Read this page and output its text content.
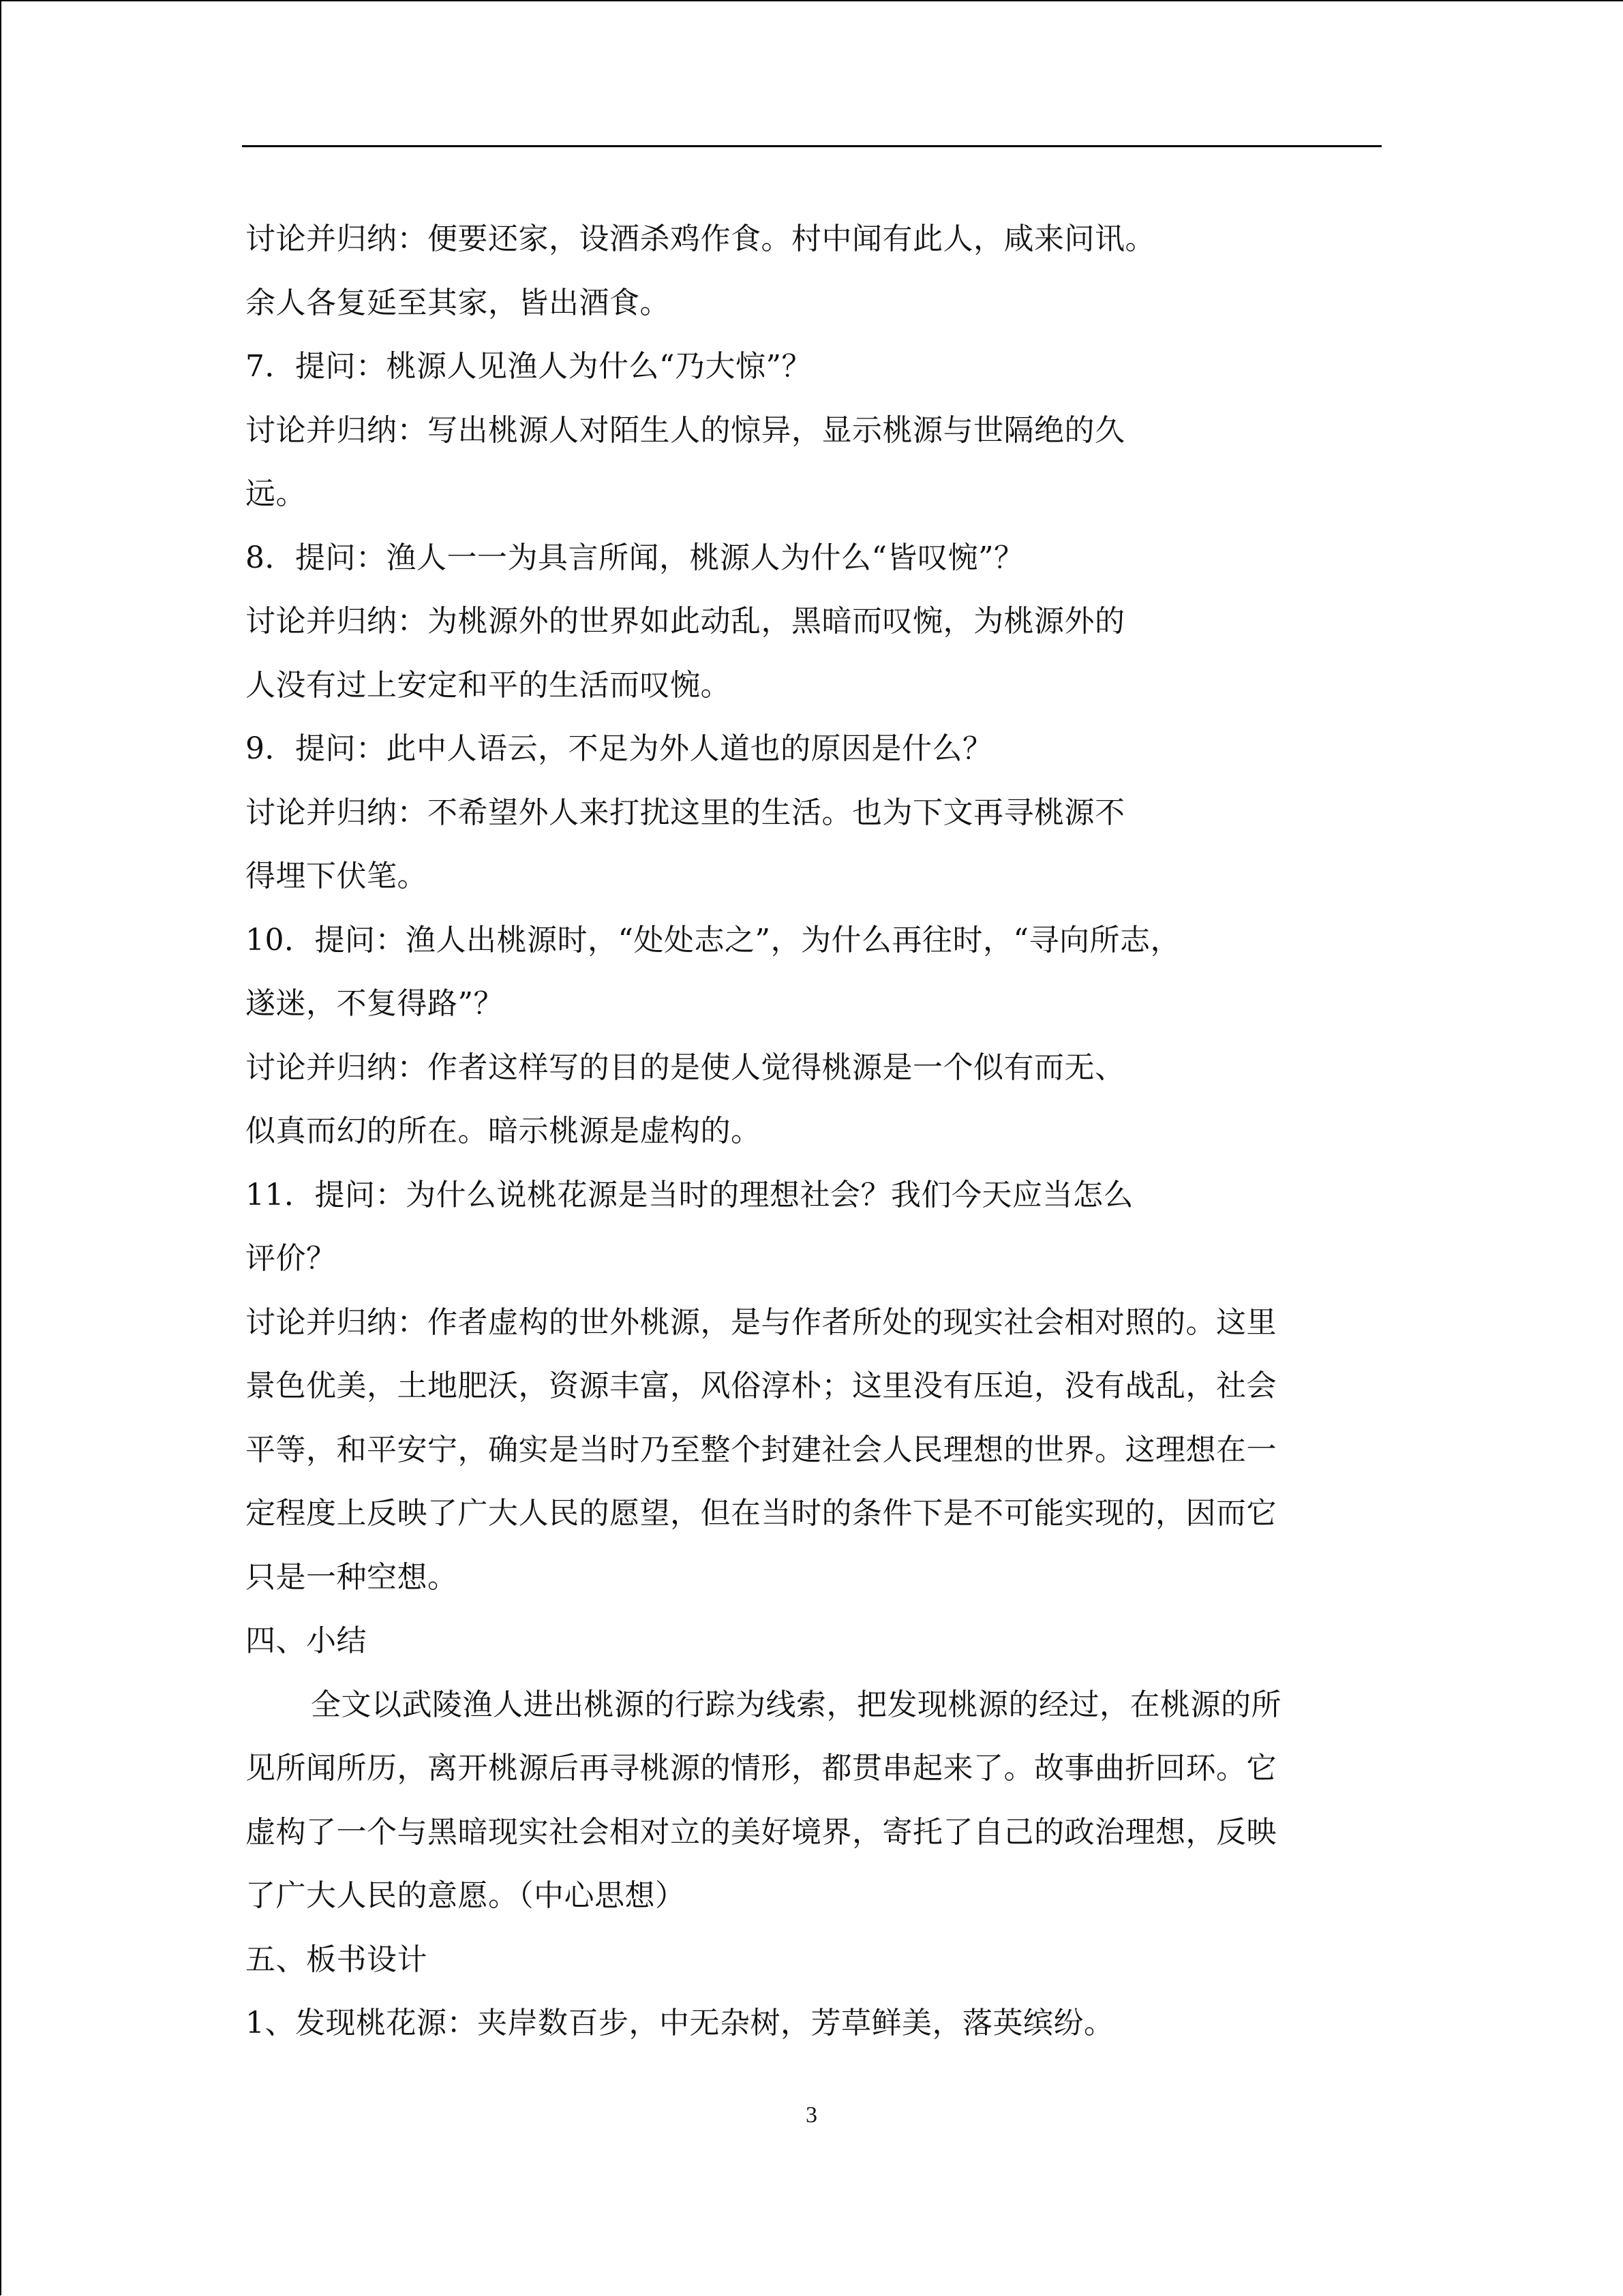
讨论并归纳：便要还家，设酒杀鸡作食。村中闻有此人，咸来问讯。
余人各复延至其家，皆出酒食。
7．提问：桃源人见渔人为什么“乃大惊”？
讨论并归纳：写出桃源人对陌生人的惊异，显示桃源与世隔绝的久
远。
8．提问：渔人一一为具言所闻，桃源人为什么“皆叹惋”？
讨论并归纳：为桃源外的世界如此动乱，黑暗而叹惋，为桃源外的
人没有过上安定和平的生活而叹惋。
9．提问：此中人语云，不足为外人道也的原因是什么？
讨论并归纳：不希望外人来打扰这里的生活。也为下文再寻桃源不
得埋下伏笔。
10．提问：渔人出桃源时，“处处志之”，为什么再往时，“寻向所志，
遂迷，不复得路”？
讨论并归纳：作者这样写的目的是使人觉得桃源是一个似有而无、
似真而幻的所在。暗示桃源是虚构的。
11．提问：为什么说桃花源是当时的理想社会？我们今天应当怎么
评价？
讨论并归纳：作者虚构的世外桃源，是与作者所处的现实社会相对照的。这里
景色优美，土地肥沃，资源丰富，风俗淳朴；这里没有压迫，没有战乱，社会
平等，和平安宁，确实是当时乃至整个封建社会人民理想的世界。这理想在一
定程度上反映了广大人民的愿望，但在当时的条件下是不可能实现的，因而它
只是一种空想。
四、小结
全文以武陵渔人进出桃源的行踪为线索，把发现桃源的经过，在桃源的所
见所闻所历，离开桃源后再寻桃源的情形，都贯串起来了。故事曲折回环。它
虚构了一个与黑暗现实社会相对立的美好境界，寄托了自己的政治理想，反映
了广大人民的意愿。（中心思想）
五、板书设计
1、发现桃花源：夹岸数百步，中无杂树，芳草鲜美，落英缤纷。
3
